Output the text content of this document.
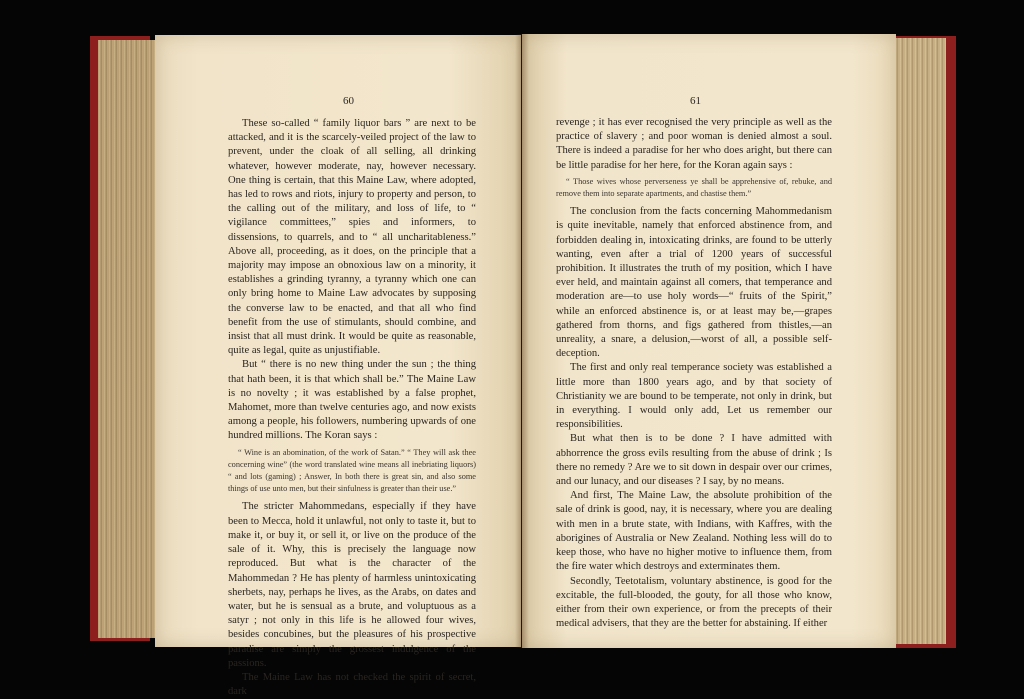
60

These so-called “ family liquor bars ” are next to be attacked, and it is the scarcely-veiled project of the law to prevent, under the cloak of all selling, all drinking whatever, however moderate, nay, however necessary. One thing is certain, that this Maine Law, where adopted, has led to rows and riots, injury to property and person, to the calling out of the military, and loss of life, to “ vigilance committees,” spies and informers, to dissensions, to quarrels, and to “ all uncharitableness.” Above all, proceeding, as it does, on the principle that a majority may impose an obnoxious law on a minority, it establishes a grinding tyranny, a tyranny which one can only bring home to Maine Law advocates by supposing the converse law to be enacted, and that all who find benefit from the use of stimulants, should combine, and insist that all must drink. It would be quite as reasonable, quite as legal, quite as unjustifiable.

But “ there is no new thing under the sun ; the thing that hath been, it is that which shall be.” The Maine Law is no novelty ; it was established by a false prophet, Mahomet, more than twelve centuries ago, and now exists among a people, his followers, numbering upwards of one hundred millions. The Koran says :

“ Wine is an abomination, of the work of Satan.” “ They will ask thee concerning wine” (the word translated wine means all inebriating liquors) “ and lots (gaming) ; Answer, In both there is great sin, and also some things of use unto men, but their sinfulness is greater than their use.”

The stricter Mahommedans, especially if they have been to Mecca, hold it unlawful, not only to taste it, but to make it, or buy it, or sell it, or live on the produce of the sale of it. Why, this is precisely the language now reproduced. But what is the character of the Mahommedan ? He has plenty of harmless unintoxicating sherbets, nay, perhaps he lives, as the Arabs, on dates and water, but he is sensual as a brute, and voluptuous as a satyr ; not only in this life is he allowed four wives, besides concubines, but the pleasures of his prospective paradise are simply the grossest indulgence of the passions.

The Maine Law has not checked the spirit of secret, dark

61

revenge ; it has ever recognised the very principle as well as the practice of slavery ; and poor woman is denied almost a soul. There is indeed a paradise for her who does aright, but there can be little paradise for her here, for the Koran again says :

“ Those wives whose perverseness ye shall be apprehensive of, rebuke, and remove them into separate apartments, and chastise them.”

The conclusion from the facts concerning Mahommedanism is quite inevitable, namely that enforced abstinence from, and forbidden dealing in, intoxicating drinks, are found to be utterly wanting, even after a trial of 1200 years of successful prohibition. It illustrates the truth of my position, which I have ever held, and maintain against all comers, that temperance and moderation are—to use holy words—“ fruits of the Spirit,” while an enforced abstinence is, or at least may be,—grapes gathered from thorns, and figs gathered from thistles,—an unreality, a snare, a delusion,—worst of all, a possible self-deception.

The first and only real temperance society was established a little more than 1800 years ago, and by that society of Christianity we are bound to be temperate, not only in drink, but in everything. I would only add, Let us remember our responsibilities.

But what then is to be done ? I have admitted with abhorrence the gross evils resulting from the abuse of drink ; Is there no remedy ? Are we to sit down in despair over our crimes, and our lunacy, and our diseases ? I say, by no means.

And first, The Maine Law, the absolute prohibition of the sale of drink is good, nay, it is necessary, where you are dealing with men in a brute state, with Indians, with Kaffres, with the aborigines of Australia or New Zealand. Nothing less will do to keep those, who have no higher motive to influence them, from the fire water which destroys and exterminates them.

Secondly, Teetotalism, voluntary abstinence, is good for the excitable, the full-blooded, the gouty, for all those who know, either from their own experience, or from the precepts of their medical advisers, that they are the better for abstaining. If either
